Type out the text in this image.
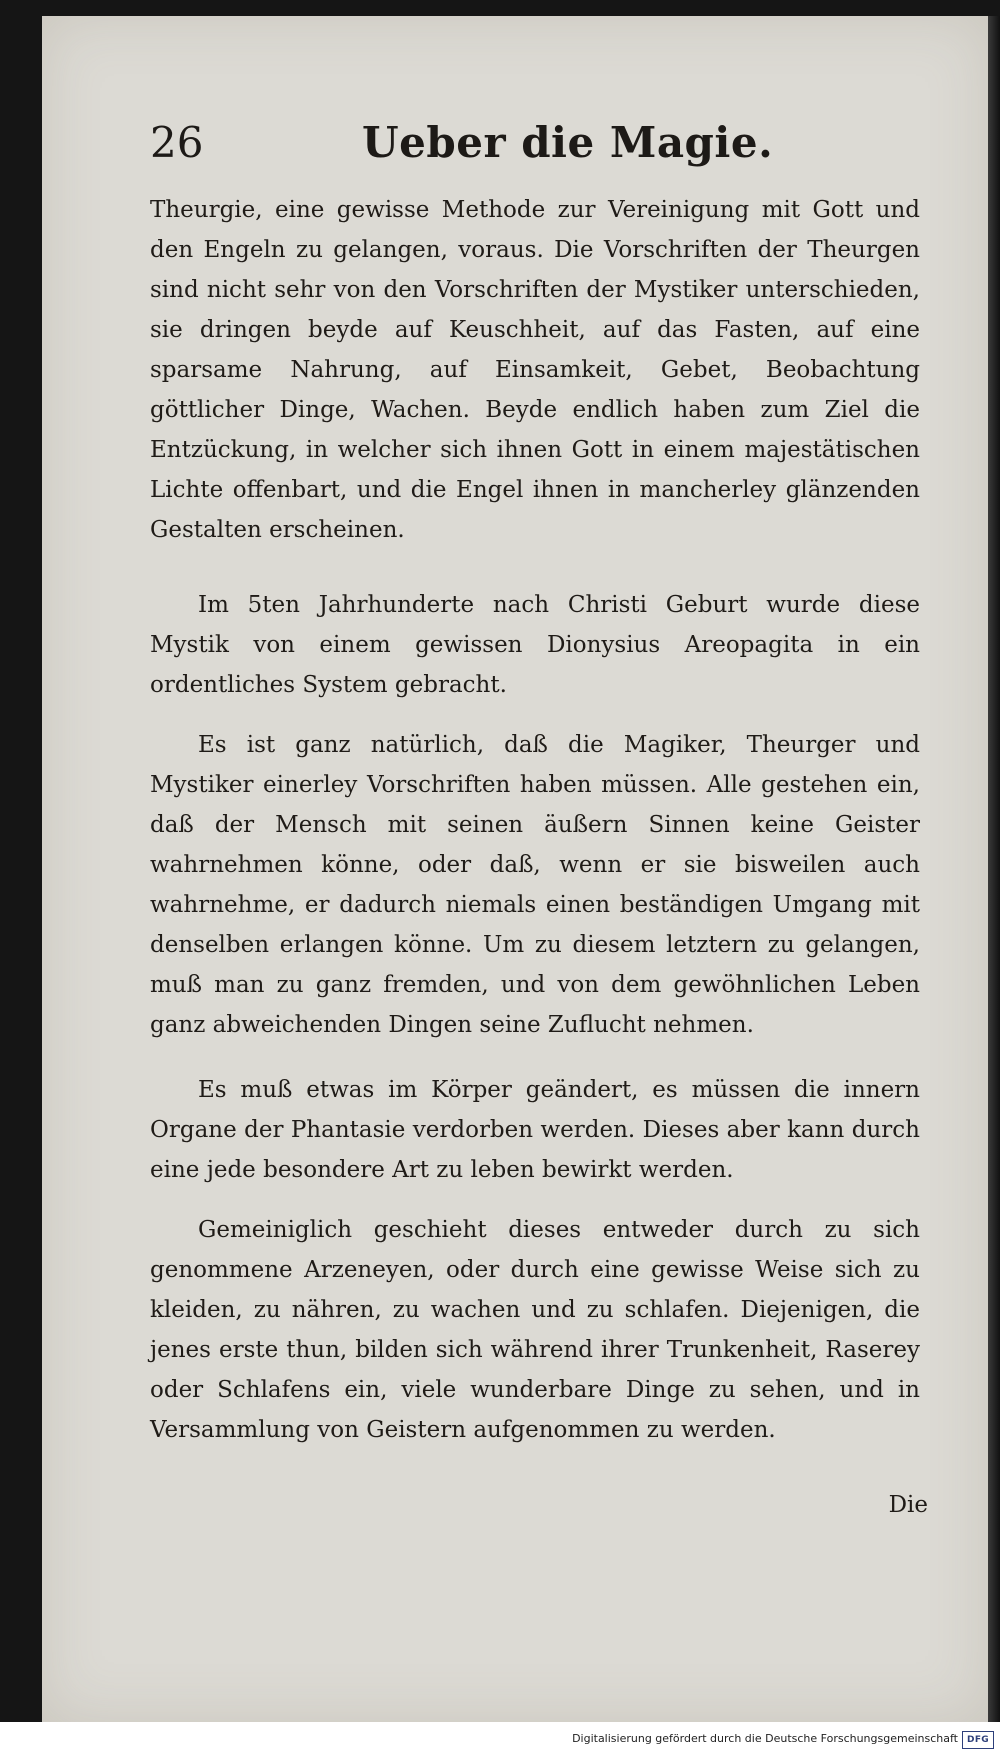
26	Ueber die Magie.
Theurgie, eine gewisse Methode zur Vereinigung mit Gott und den Engeln zu gelangen, voraus. Die Vorschriften der Theurgen sind nicht sehr von den Vorschriften der Mystiker unterschieden, sie dringen beyde auf Keuschheit, auf das Fasten, auf eine sparsame Nahrung, auf Einsamkeit, Gebet, Beobachtung göttlicher Dinge, Wachen. Beyde endlich haben zum Ziel die Entzückung, in welcher sich ihnen Gott in einem majestätischen Lichte offenbart, und die Engel ihnen in mancherley glänzenden Gestalten erscheinen.
Im 5ten Jahrhunderte nach Christi Geburt wurde diese Mystik von einem gewissen Dionysius Areopagita in ein ordentliches System gebracht.
Es ist ganz natürlich, daß die Magiker, Theurger und Mystiker einerley Vorschriften haben müssen. Alle gestehen ein, daß der Mensch mit seinen äußern Sinnen keine Geister wahrnehmen könne, oder daß, wenn er sie bisweilen auch wahrnehme, er dadurch niemals einen beständigen Umgang mit denselben erlangen könne. Um zu diesem letztern zu gelangen, muß man zu ganz fremden, und von dem gewöhnlichen Leben ganz abweichenden Dingen seine Zuflucht nehmen.
Es muß etwas im Körper geändert, es müssen die innern Organe der Phantasie verdorben werden. Dieses aber kann durch eine jede besondere Art zu leben bewirkt werden.
Gemeiniglich geschieht dieses entweder durch zu sich genommene Arzeneyen, oder durch eine gewisse Weise sich zu kleiden, zu nähren, zu wachen und zu schlafen. Diejenigen, die jenes erste thun, bilden sich während ihrer Trunkenheit, Raserey oder Schlafens ein, viele wunderbare Dinge zu sehen, und in Versammlung von Geistern aufgenommen zu werden.
Die
Digitalisierung gefördert durch die Deutsche Forschungsgemeinschaft	DFG
